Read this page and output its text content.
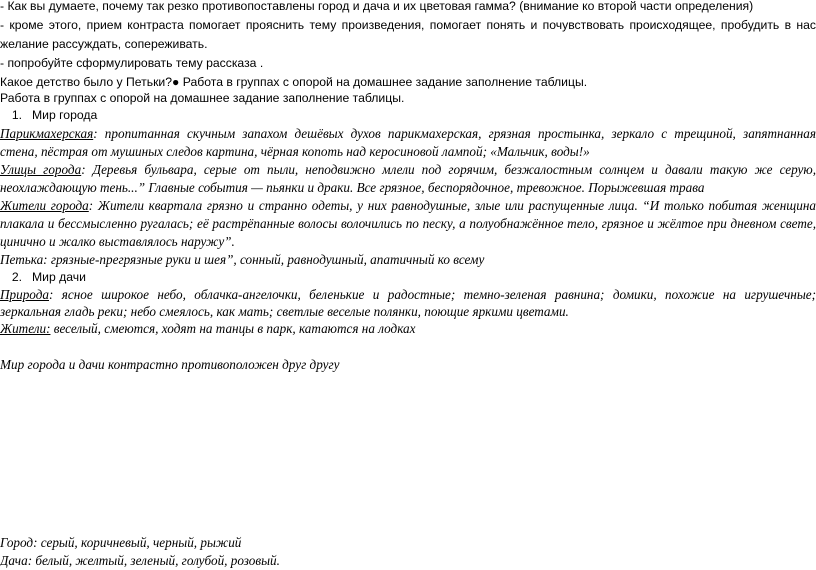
- Как вы думаете, почему так резко противопоставлены город и дача и их цветовая гамма? (внимание ко второй части определения)
- кроме этого, прием контраста помогает прояснить тему произведения, помогает понять и почувствовать происходящее, пробудить в нас
желание рассуждать, сопереживать.
- попробуйте сформулировать тему рассказа .
Какое детство было у Петьки?● Работа в группах с опорой на домашнее задание заполнение таблицы.
Работа в группах с опорой на домашнее задание заполнение таблицы.
1. Мир города
Парикмахерская: пропитанная скучным запахом дешёвых духов парикмахерская, грязная простынка, зеркало с трещиной, запятнанная
стена, пёстрая от мушиных следов картина, чёрная копоть над керосиновой лампой; «Мальчик, воды!»
Улицы города: Деревья бульвара, серые от пыли, неподвижно млели под горячим, безжалостным солнцем и давали такую же серую,
неохлаждающую тень...” Главные события — пьянки и драки. Все грязное, беспорядочное, тревожное. Порыжевшая трава
Жители города: Жители квартала грязно и странно одеты, у них равнодушные, злые или распущенные лица. “И только побитая женщина
плакала и бессмысленно ругалась; её растрёпанные волосы волочились по песку, а полуобнажённое тело, грязное и жёлтое при дневном свете,
цинично и жалко выставлялось наружу”.
Петька: грязные-прегрязные руки и шея”, сонный, равнодушный, апатичный ко всему
2. Мир дачи
Природа: ясное широкое небо, облачка-ангелочки, беленькие и радостные; темно-зеленая равнина; домики, похожие на игрушечные;
зеркальная гладь реки; небо смеялось, как мать; светлые веселые полянки, поющие яркими цветами.
Жители: веселый, смеются, ходят на танцы в парк, катаются на лодках
Мир города и дачи контрастно противоположен друг другу
Город: серый, коричневый, черный, рыжий
Дача: белый, желтый, зеленый, голубой, розовый.
